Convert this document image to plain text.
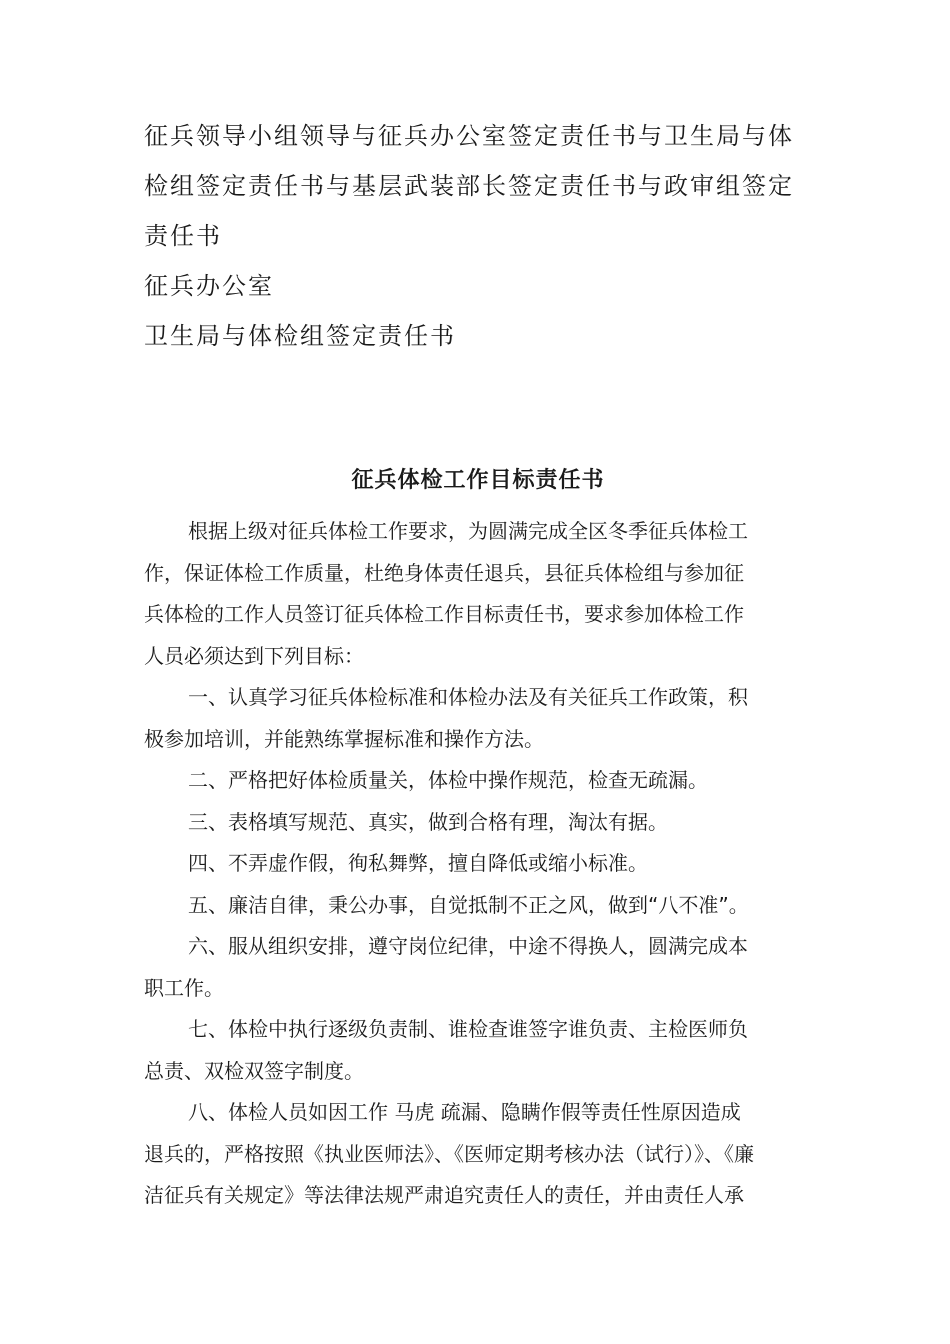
征兵领导小组领导与征兵办公室签定责任书与卫生局与体

检组签定责任书与基层武装部长签定责任书与政审组签定

责任书

征兵办公室

卫生局与体检组签定责任书

征兵体检工作目标责任书

根据上级对征兵体检工作要求，为圆满完成全区冬季征兵体检工

作，保证体检工作质量，杜绝身体责任退兵，县征兵体检组与参加征

兵体检的工作人员签订征兵体检工作目标责任书，要求参加体检工作

人员必须达到下列目标：

一、认真学习征兵体检标准和体检办法及有关征兵工作政策，积

极参加培训，并能熟练掌握标准和操作方法。

二、严格把好体检质量关，体检中操作规范，检查无疏漏。

三、表格填写规范、真实，做到合格有理，淘汰有据。

四、不弄虚作假，徇私舞弊，擅自降低或缩小标准。

五、廉洁自律，秉公办事，自觉抵制不正之风，做到“八不准”。

六、服从组织安排，遵守岗位纪律，中途不得换人，圆满完成本

职工作。

七、体检中执行逐级负责制、谁检查谁签字谁负责、主检医师负

总责、双检双签字制度。

八、体检人员如因工作 马虎 疏漏、隐瞒作假等责任性原因造成

退兵的，严格按照《执业医师法》、《医师定期考核办法（试行）》、《廉

洁征兵有关规定》等法律法规严肃追究责任人的责任，并由责任人承
